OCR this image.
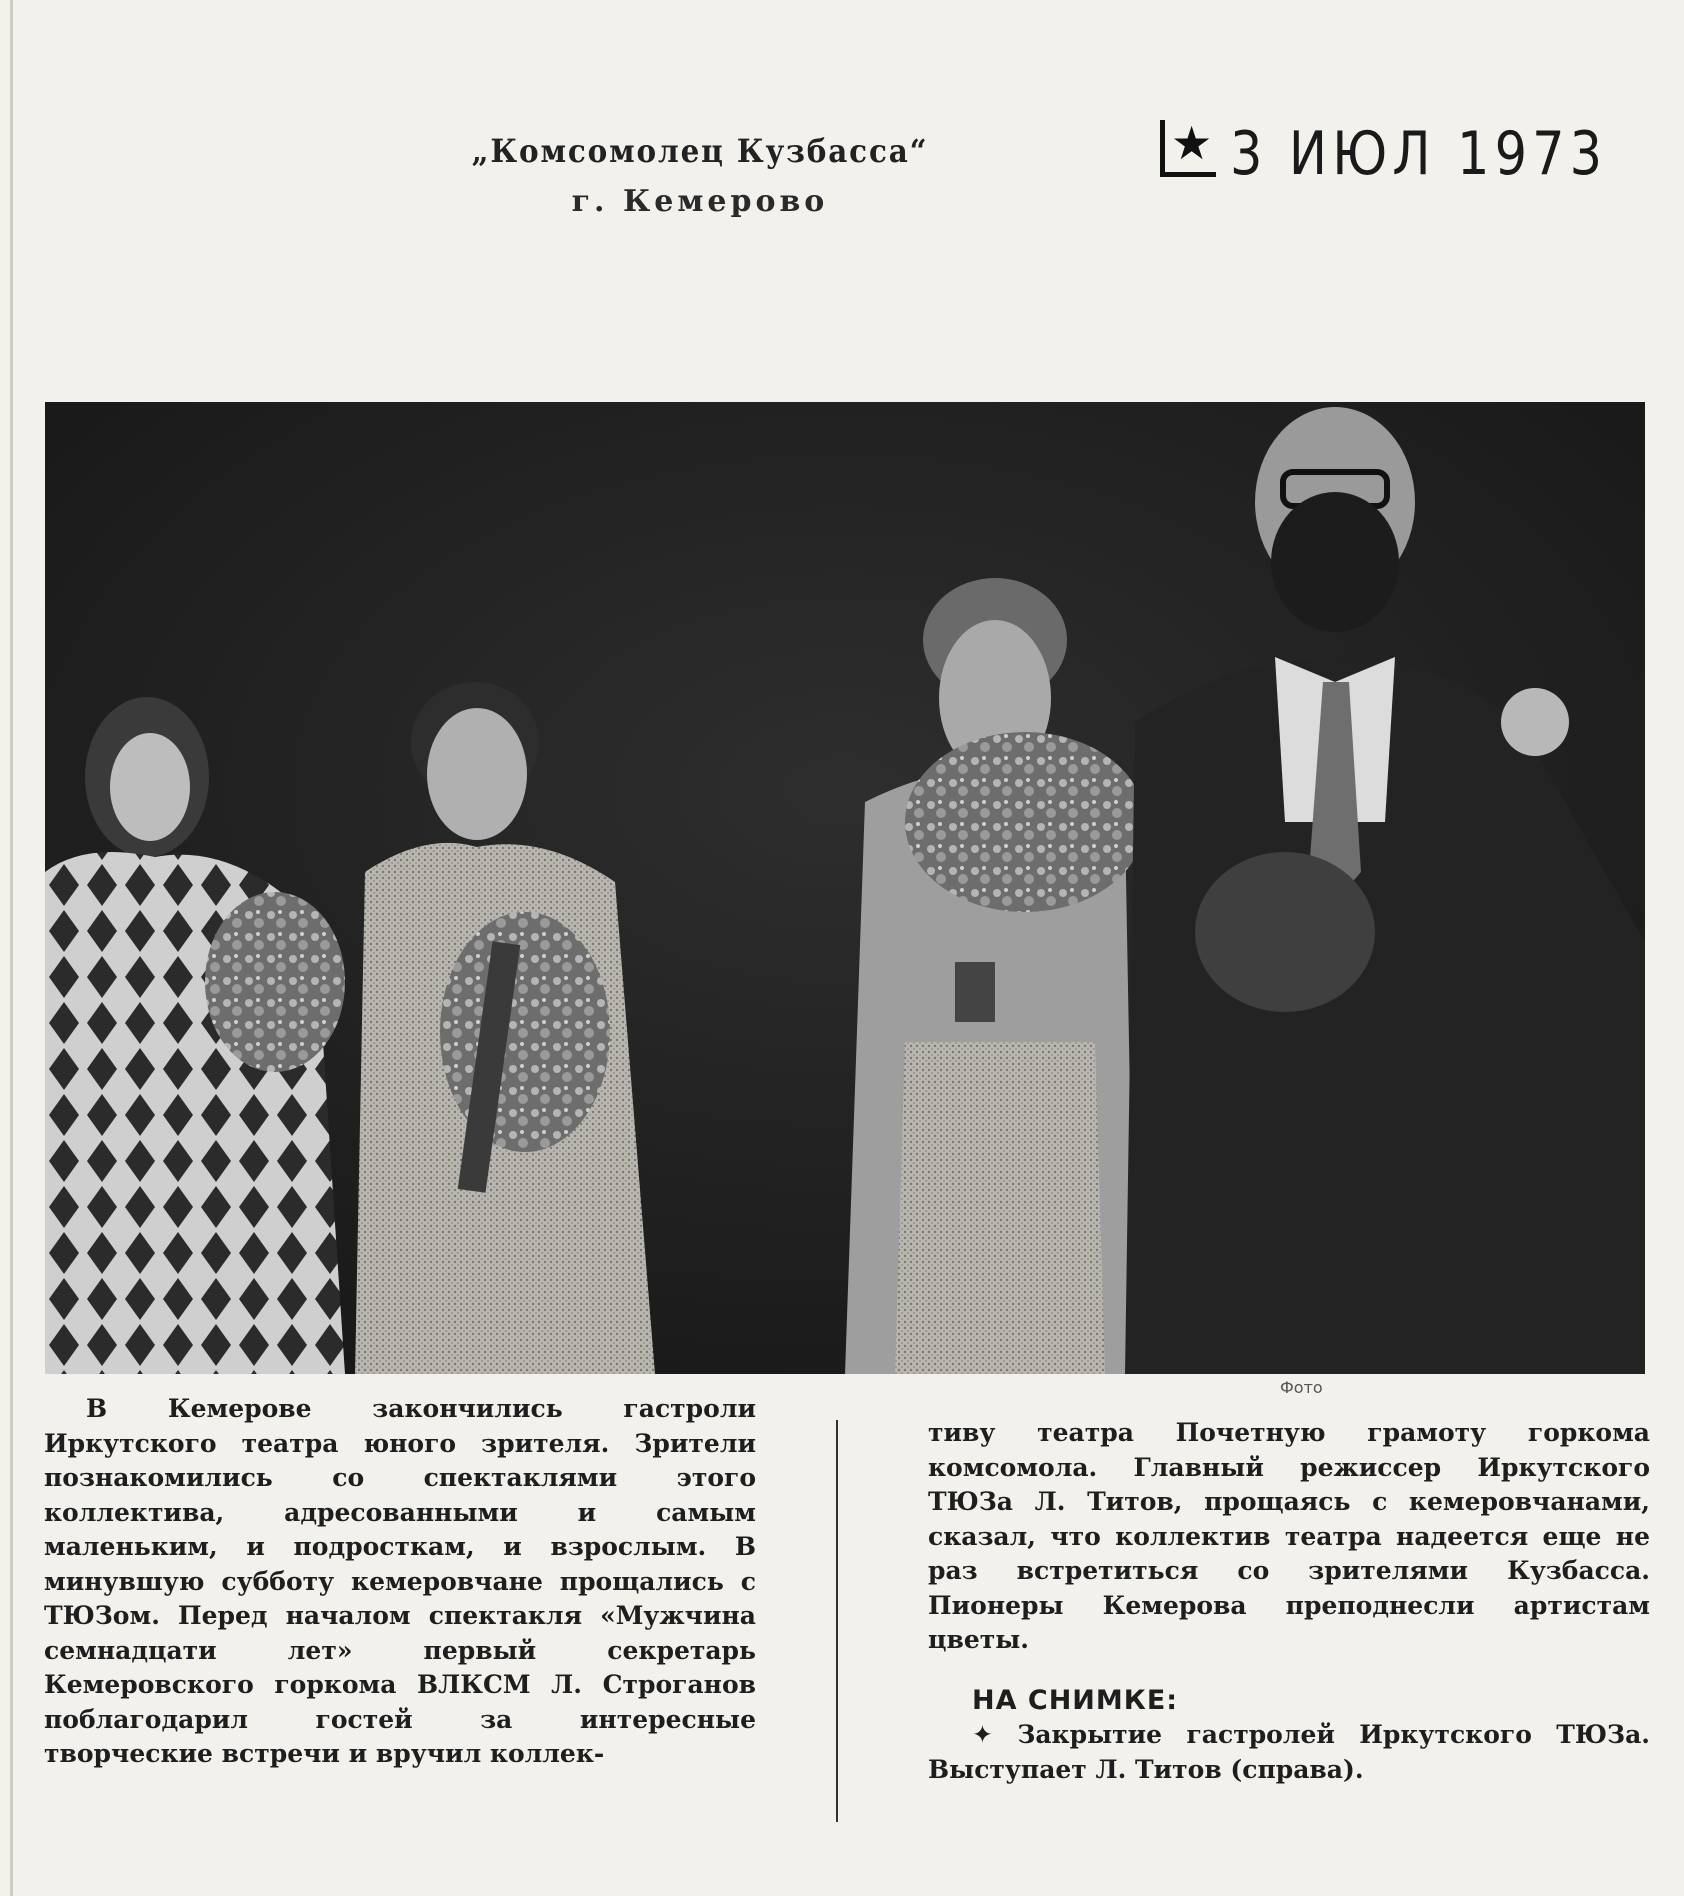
„Комсомолец Кузбасса“
г. Кемерово
★ 3 ИЮЛ 1973
Фото

В Кемерове закончились гастроли Иркутского театра юного зрителя. Зрители познакомились со спектаклями этого коллектива, адресованными и самым маленьким, и подросткам, и взрослым. В минувшую субботу кемеровчане прощались с ТЮЗом. Перед началом спектакля «Мужчина семнадцати лет» первый секретарь Кемеровского горкома ВЛКСМ Л. Строганов поблагодарил гостей за интересные творческие встречи и вручил коллек-

тиву театра Почетную грамоту горкома комсомола. Главный режиссер Иркутского ТЮЗа Л. Титов, прощаясь с кемеровчанами, сказал, что коллектив театра надеется еще не раз встретиться со зрителями Кузбасса. Пионеры Кемерова преподнесли артистам цветы.

НА СНИМКЕ:

✦ Закрытие гастролей Иркутского ТЮЗа. Выступает Л. Титов (справа).
